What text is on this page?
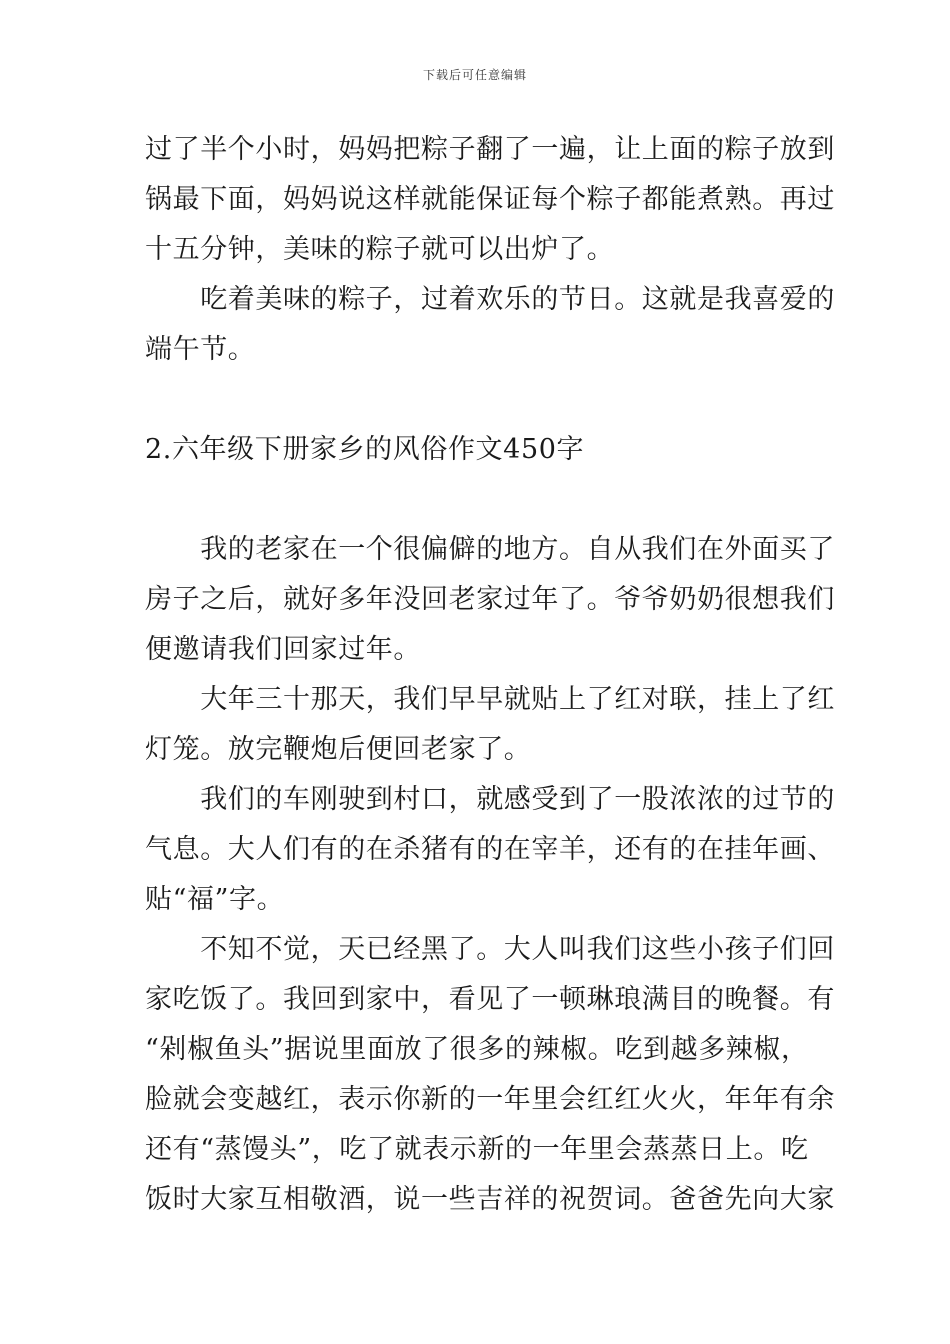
下载后可任意编辑
过了半个小时，妈妈把粽子翻了一遍，让上面的粽子放到
锅最下面，妈妈说这样就能保证每个粽子都能煮熟。再过
十五分钟，美味的粽子就可以出炉了。
　　吃着美味的粽子，过着欢乐的节日。这就是我喜爱的
端午节。
2.六年级下册家乡的风俗作文450字
　　我的老家在一个很偏僻的地方。自从我们在外面买了
房子之后，就好多年没回老家过年了。爷爷奶奶很想我们
便邀请我们回家过年。
　　大年三十那天，我们早早就贴上了红对联，挂上了红
灯笼。放完鞭炮后便回老家了。
　　我们的车刚驶到村口，就感受到了一股浓浓的过节的
气息。大人们有的在杀猪有的在宰羊，还有的在挂年画、
贴“福”字。
　　不知不觉，天已经黑了。大人叫我们这些小孩子们回
家吃饭了。我回到家中，看见了一顿琳琅满目的晚餐。有
“剁椒鱼头”据说里面放了很多的辣椒。吃到越多辣椒，
脸就会变越红，表示你新的一年里会红红火火，年年有余
还有“蒸馒头”，吃了就表示新的一年里会蒸蒸日上。吃
饭时大家互相敬酒，说一些吉祥的祝贺词。爸爸先向大家
